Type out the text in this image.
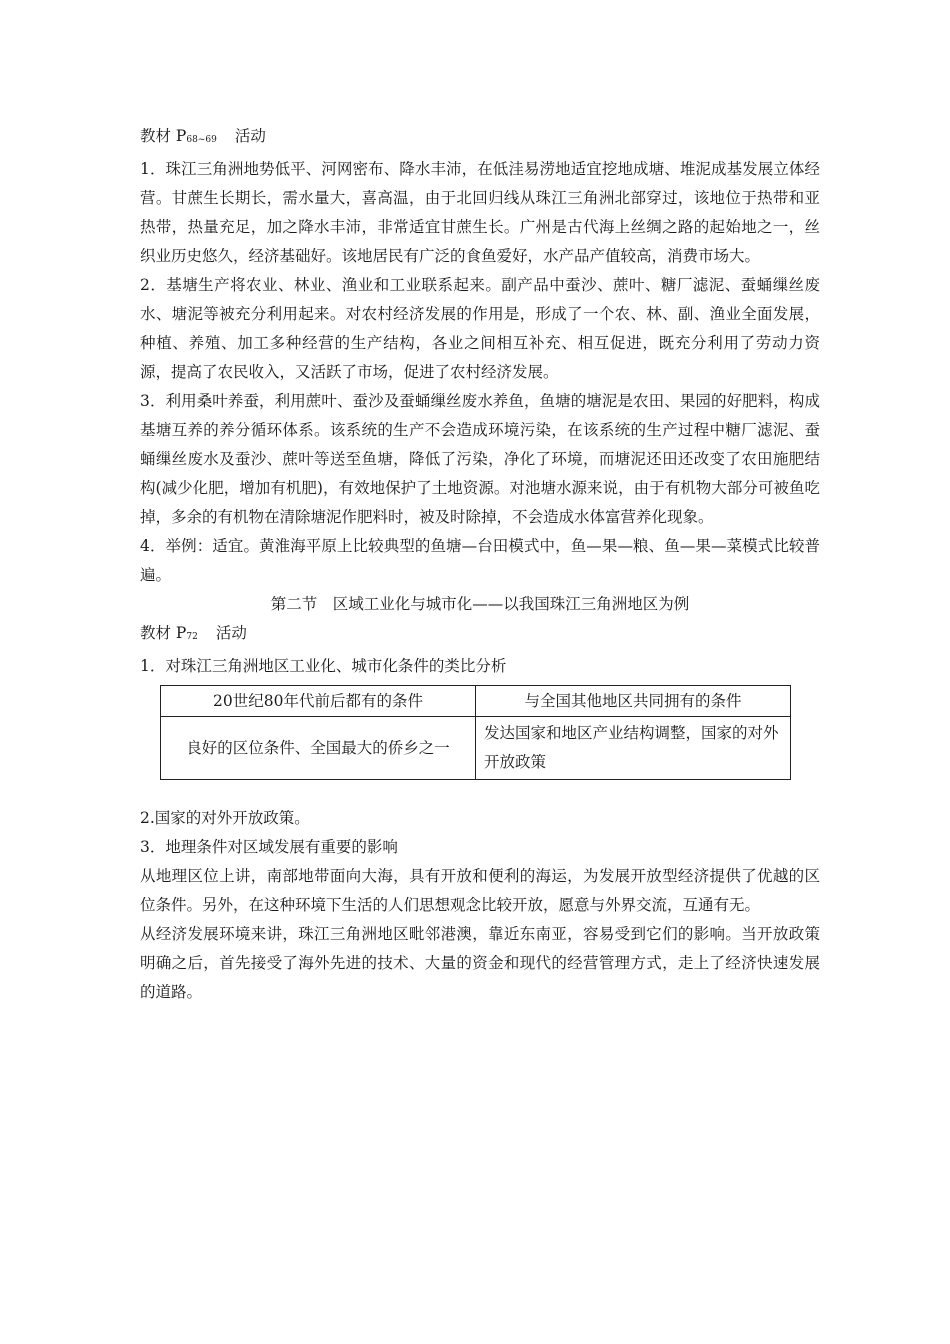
教材 P68~69 活动

1．珠江三角洲地势低平、河网密布、降水丰沛，在低洼易涝地适宜挖地成塘、堆泥成基发展立体经营。甘蔗生长期长，需水量大，喜高温，由于北回归线从珠江三角洲北部穿过，该地位于热带和亚热带，热量充足，加之降水丰沛，非常适宜甘蔗生长。广州是古代海上丝绸之路的起始地之一，丝织业历史悠久，经济基础好。该地居民有广泛的食鱼爱好，水产品产值较高，消费市场大。

2．基塘生产将农业、林业、渔业和工业联系起来。副产品中蚕沙、蔗叶、糖厂滤泥、蚕蛹缫丝废水、塘泥等被充分利用起来。对农村经济发展的作用是，形成了一个农、林、副、渔业全面发展，种植、养殖、加工多种经营的生产结构，各业之间相互补充、相互促进，既充分利用了劳动力资源，提高了农民收入，又活跃了市场，促进了农村经济发展。

3．利用桑叶养蚕，利用蔗叶、蚕沙及蚕蛹缫丝废水养鱼，鱼塘的塘泥是农田、果园的好肥料，构成基塘互养的养分循环体系。该系统的生产不会造成环境污染，在该系统的生产过程中糖厂滤泥、蚕蛹缫丝废水及蚕沙、蔗叶等送至鱼塘，降低了污染，净化了环境，而塘泥还田还改变了农田施肥结构(减少化肥，增加有机肥)，有效地保护了土地资源。对池塘水源来说，由于有机物大部分可被鱼吃掉，多余的有机物在清除塘泥作肥料时，被及时除掉，不会造成水体富营养化现象。

4．举例：适宜。黄淮海平原上比较典型的鱼塘—台田模式中，鱼—果—粮、鱼—果—菜模式比较普遍。

第二节　区域工业化与城市化——以我国珠江三角洲地区为例

教材 P72 活动

1．对珠江三角洲地区工业化、城市化条件的类比分析

20世纪80年代前后都有的条件	与全国其他地区共同拥有的条件
良好的区位条件、全国最大的侨乡之一	发达国家和地区产业结构调整，国家的对外开放政策

2.国家的对外开放政策。

3．地理条件对区域发展有重要的影响

从地理区位上讲，南部地带面向大海，具有开放和便利的海运，为发展开放型经济提供了优越的区位条件。另外，在这种环境下生活的人们思想观念比较开放，愿意与外界交流，互通有无。

从经济发展环境来讲，珠江三角洲地区毗邻港澳，靠近东南亚，容易受到它们的影响。当开放政策明确之后，首先接受了海外先进的技术、大量的资金和现代的经营管理方式，走上了经济快速发展的道路。
